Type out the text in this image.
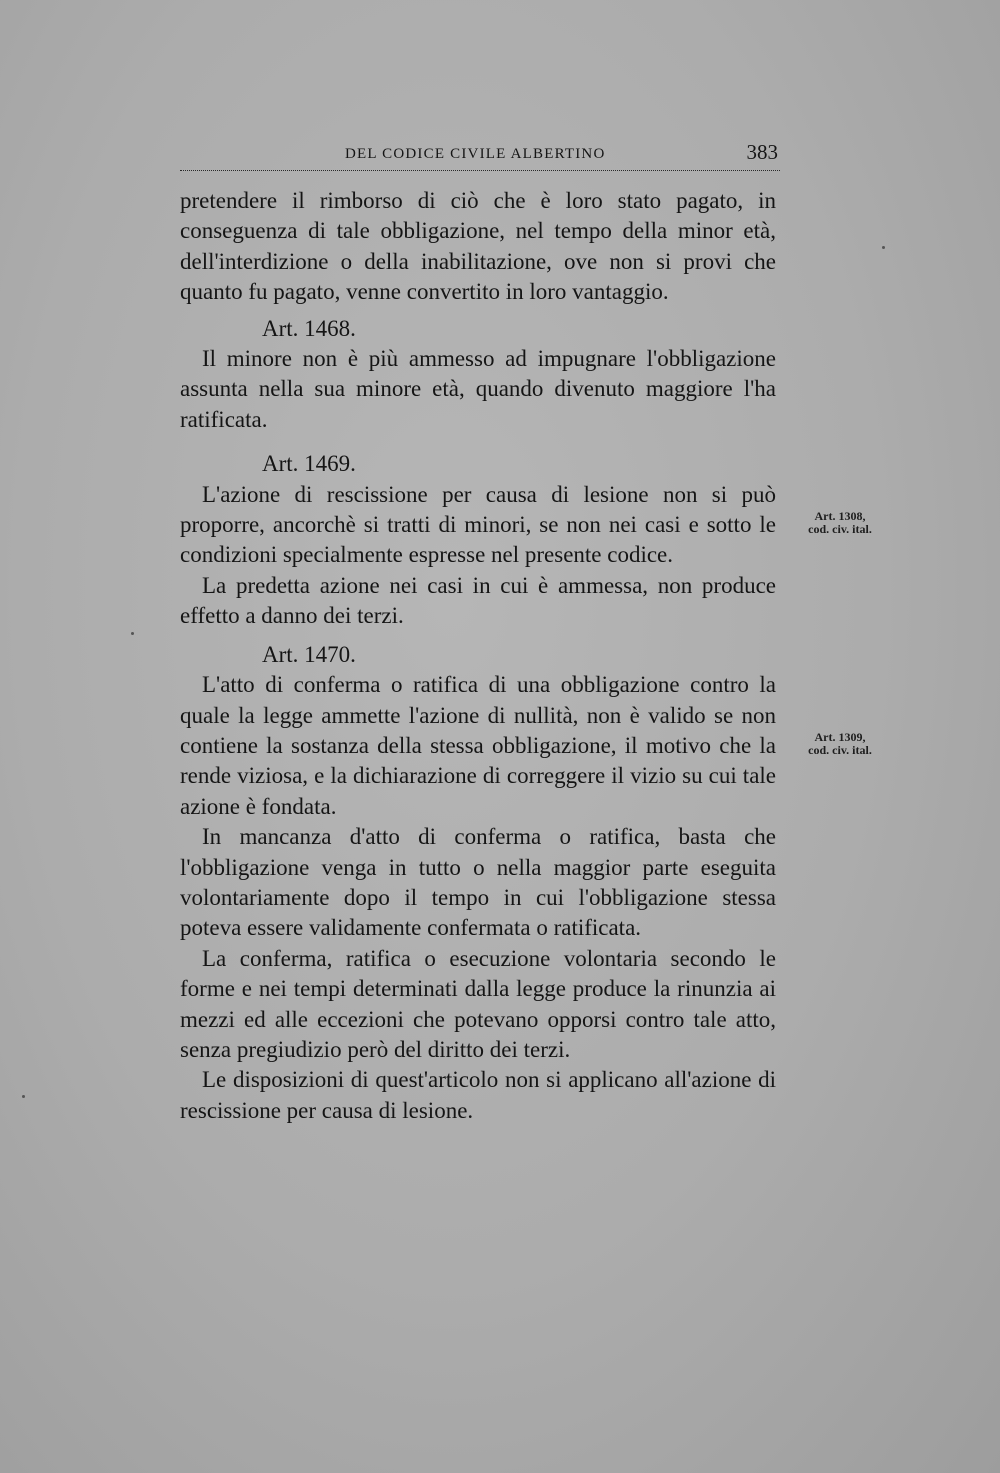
DEL CODICE CIVILE ALBERTINO	383

pretendere il rimborso di ciò che è loro stato pagato, in conseguenza di tale obbligazione, nel tempo della minor età, dell'interdizione o della inabilitazione, ove non si provi che quanto fu pagato, venne convertito in loro vantaggio.

Art. 1468.

Il minore non è più ammesso ad impugnare l'obbligazione assunta nella sua minore età, quando divenuto maggiore l'ha ratificata.

Art. 1469.

L'azione di rescissione per causa di lesione non si può proporre, ancorchè si tratti di minori, se non nei casi e sotto le condizioni specialmente espresse nel presente codice.

La predetta azione nei casi in cui è ammessa, non produce effetto a danno dei terzi.

Art. 1470.

L'atto di conferma o ratifica di una obbligazione contro la quale la legge ammette l'azione di nullità, non è valido se non contiene la sostanza della stessa obbligazione, il motivo che la rende viziosa, e la dichiarazione di correggere il vizio su cui tale azione è fondata.

In mancanza d'atto di conferma o ratifica, basta che l'obbligazione venga in tutto o nella maggior parte eseguita volontariamente dopo il tempo in cui l'obbligazione stessa poteva essere validamente confermata o ratificata.

La conferma, ratifica o esecuzione volontaria secondo le forme e nei tempi determinati dalla legge produce la rinunzia ai mezzi ed alle eccezioni che potevano opporsi contro tale atto, senza pregiudizio però del diritto dei terzi.

Le disposizioni di quest'articolo non si applicano all'azione di rescissione per causa di lesione.

Art. 1308,
cod. civ. ital.
Art. 1309,
cod. civ. ital.
